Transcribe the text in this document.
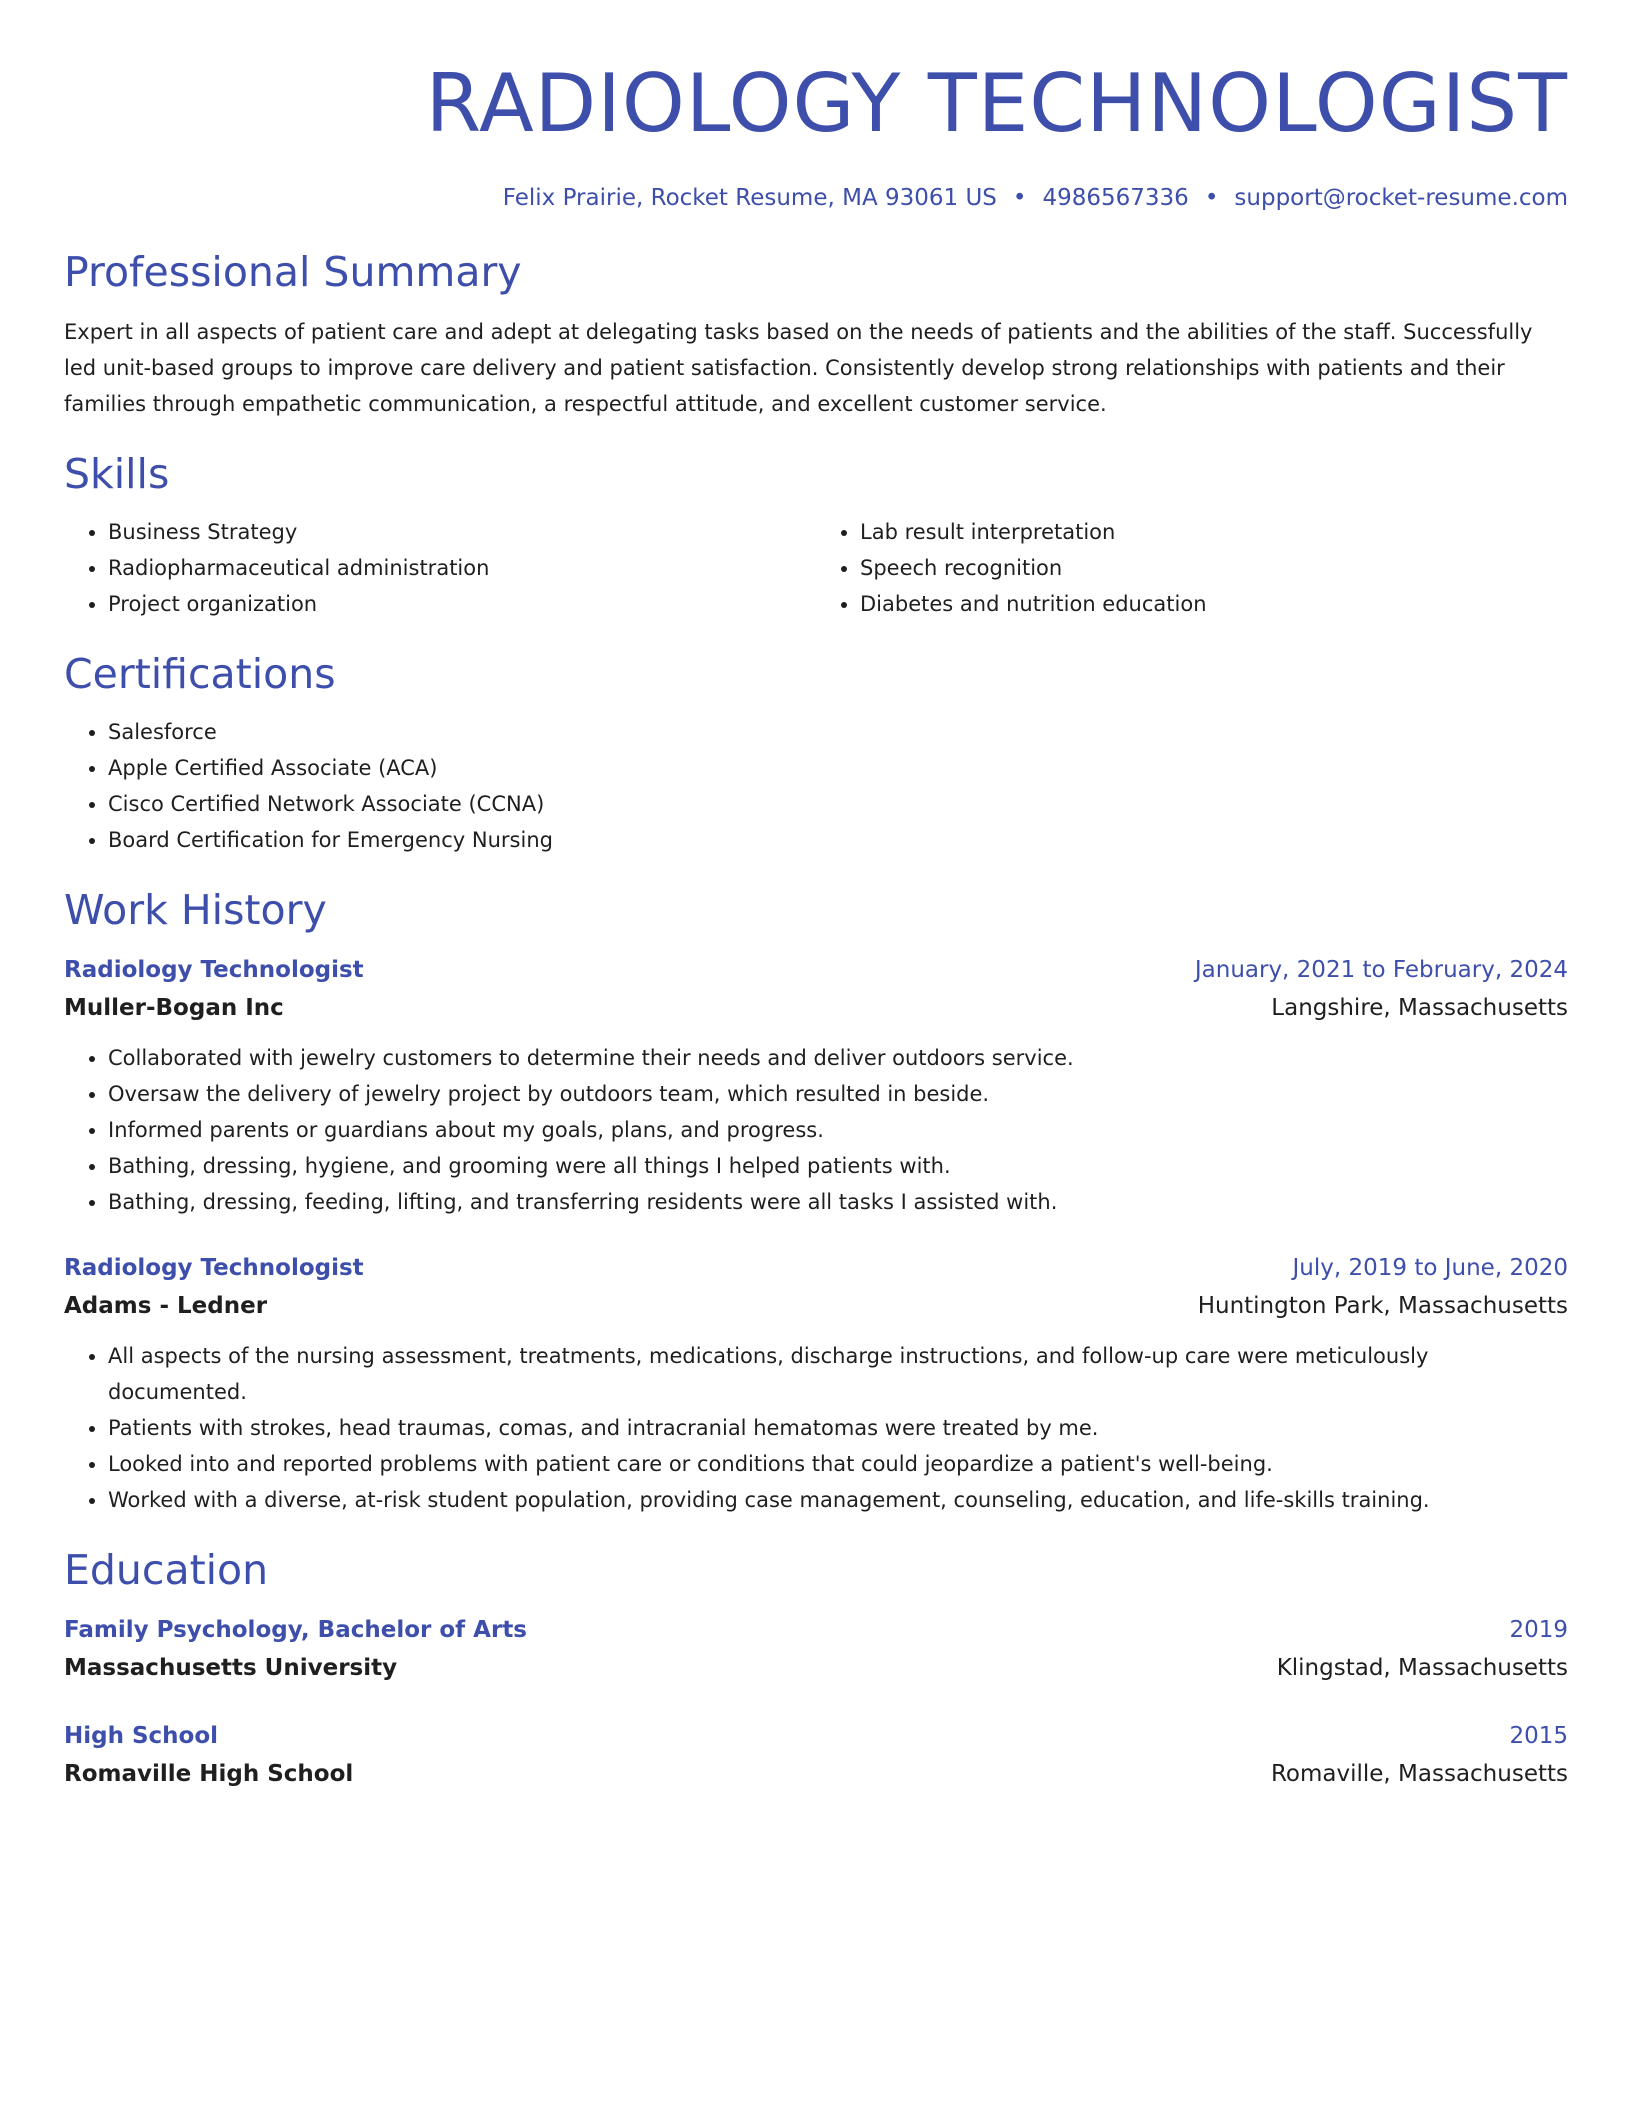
RADIOLOGY TECHNOLOGIST
Felix Prairie, Rocket Resume, MA 93061 US • 4986567336 • support@rocket-resume.com
Professional Summary
Expert in all aspects of patient care and adept at delegating tasks based on the needs of patients and the abilities of the staff. Successfully led unit-based groups to improve care delivery and patient satisfaction. Consistently develop strong relationships with patients and their families through empathetic communication, a respectful attitude, and excellent customer service.
Skills
• Business Strategy
• Radiopharmaceutical administration
• Project organization
• Lab result interpretation
• Speech recognition
• Diabetes and nutrition education
Certifications
• Salesforce
• Apple Certified Associate (ACA)
• Cisco Certified Network Associate (CCNA)
• Board Certification for Emergency Nursing
Work History
Radiology Technologist	January, 2021 to February, 2024
Muller-Bogan Inc	Langshire, Massachusetts
• Collaborated with jewelry customers to determine their needs and deliver outdoors service.
• Oversaw the delivery of jewelry project by outdoors team, which resulted in beside.
• Informed parents or guardians about my goals, plans, and progress.
• Bathing, dressing, hygiene, and grooming were all things I helped patients with.
• Bathing, dressing, feeding, lifting, and transferring residents were all tasks I assisted with.
Radiology Technologist	July, 2019 to June, 2020
Adams - Ledner	Huntington Park, Massachusetts
• All aspects of the nursing assessment, treatments, medications, discharge instructions, and follow-up care were meticulously documented.
• Patients with strokes, head traumas, comas, and intracranial hematomas were treated by me.
• Looked into and reported problems with patient care or conditions that could jeopardize a patient's well-being.
• Worked with a diverse, at-risk student population, providing case management, counseling, education, and life-skills training.
Education
Family Psychology, Bachelor of Arts	2019
Massachusetts University	Klingstad, Massachusetts
High School	2015
Romaville High School	Romaville, Massachusetts
